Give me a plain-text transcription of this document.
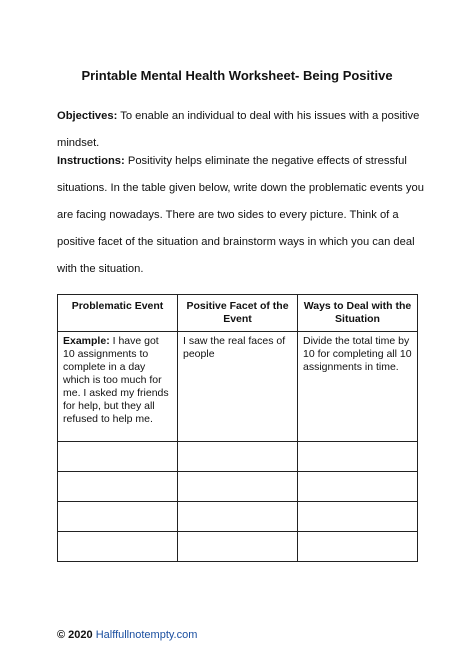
Printable Mental Health Worksheet- Being Positive
Objectives: To enable an individual to deal with his issues with a positive mindset.
Instructions: Positivity helps eliminate the negative effects of stressful situations. In the table given below, write down the problematic events you are facing nowadays. There are two sides to every picture. Think of a positive facet of the situation and brainstorm ways in which you can deal with the situation.
Problematic Event	Positive Facet of the Event	Ways to Deal with the Situation
Example: I have got 10 assignments to complete in a day which is too much for me. I asked my friends for help, but they all refused to help me.	I saw the real faces of people	Divide the total time by 10 for completing all 10 assignments in time.

© 2020 Halffullnotempty.com
